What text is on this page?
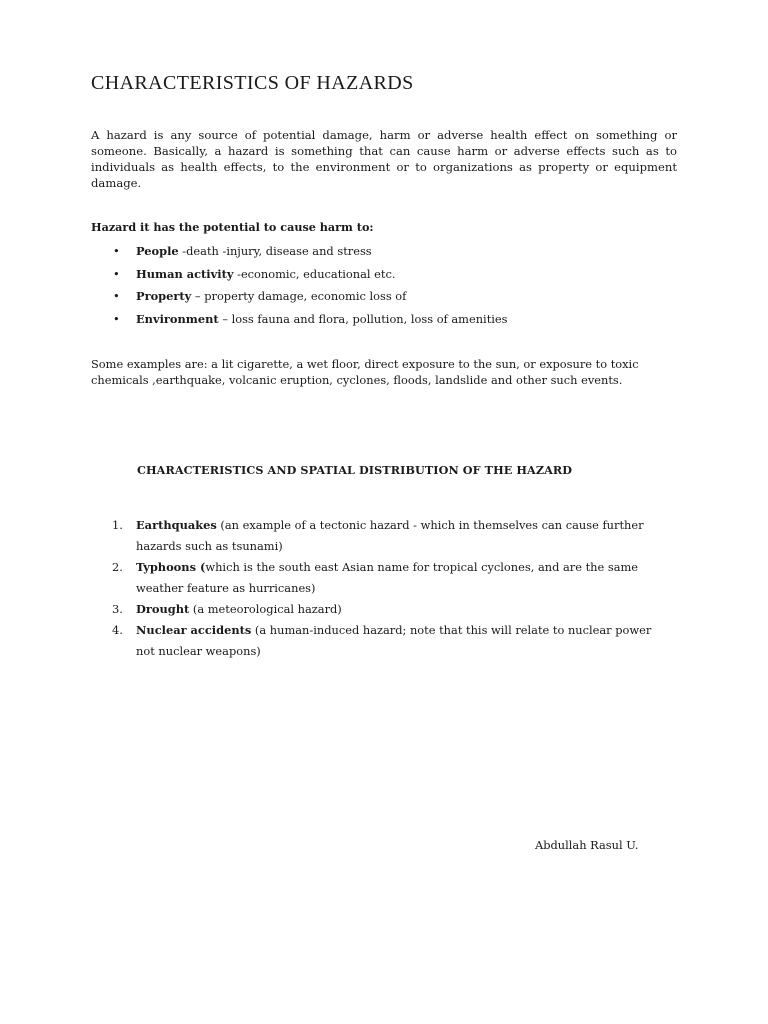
CHARACTERISTICS OF HAZARDS

A hazard is any source of potential damage, harm or adverse health effect on something or someone. Basically, a hazard is something that can cause harm or adverse effects such as to individuals as health effects, to the environment or to organizations as property or equipment damage.

Hazard it has the potential to cause harm to:

• People -death -injury, disease and stress
• Human activity -economic, educational etc.
• Property – property damage, economic loss of
• Environment – loss fauna and flora, pollution, loss of amenities

Some examples are: a lit cigarette, a wet floor, direct exposure to the sun, or exposure to toxic chemicals ,earthquake, volcanic eruption, cyclones, floods, landslide and other such events.

CHARACTERISTICS AND SPATIAL DISTRIBUTION OF THE HAZARD

1. Earthquakes (an example of a tectonic hazard - which in themselves can cause further hazards such as tsunami)
2. Typhoons (which is the south east Asian name for tropical cyclones, and are the same weather feature as hurricanes)
3. Drought (a meteorological hazard)
4. Nuclear accidents (a human-induced hazard; note that this will relate to nuclear power not nuclear weapons)

Abdullah Rasul U.
